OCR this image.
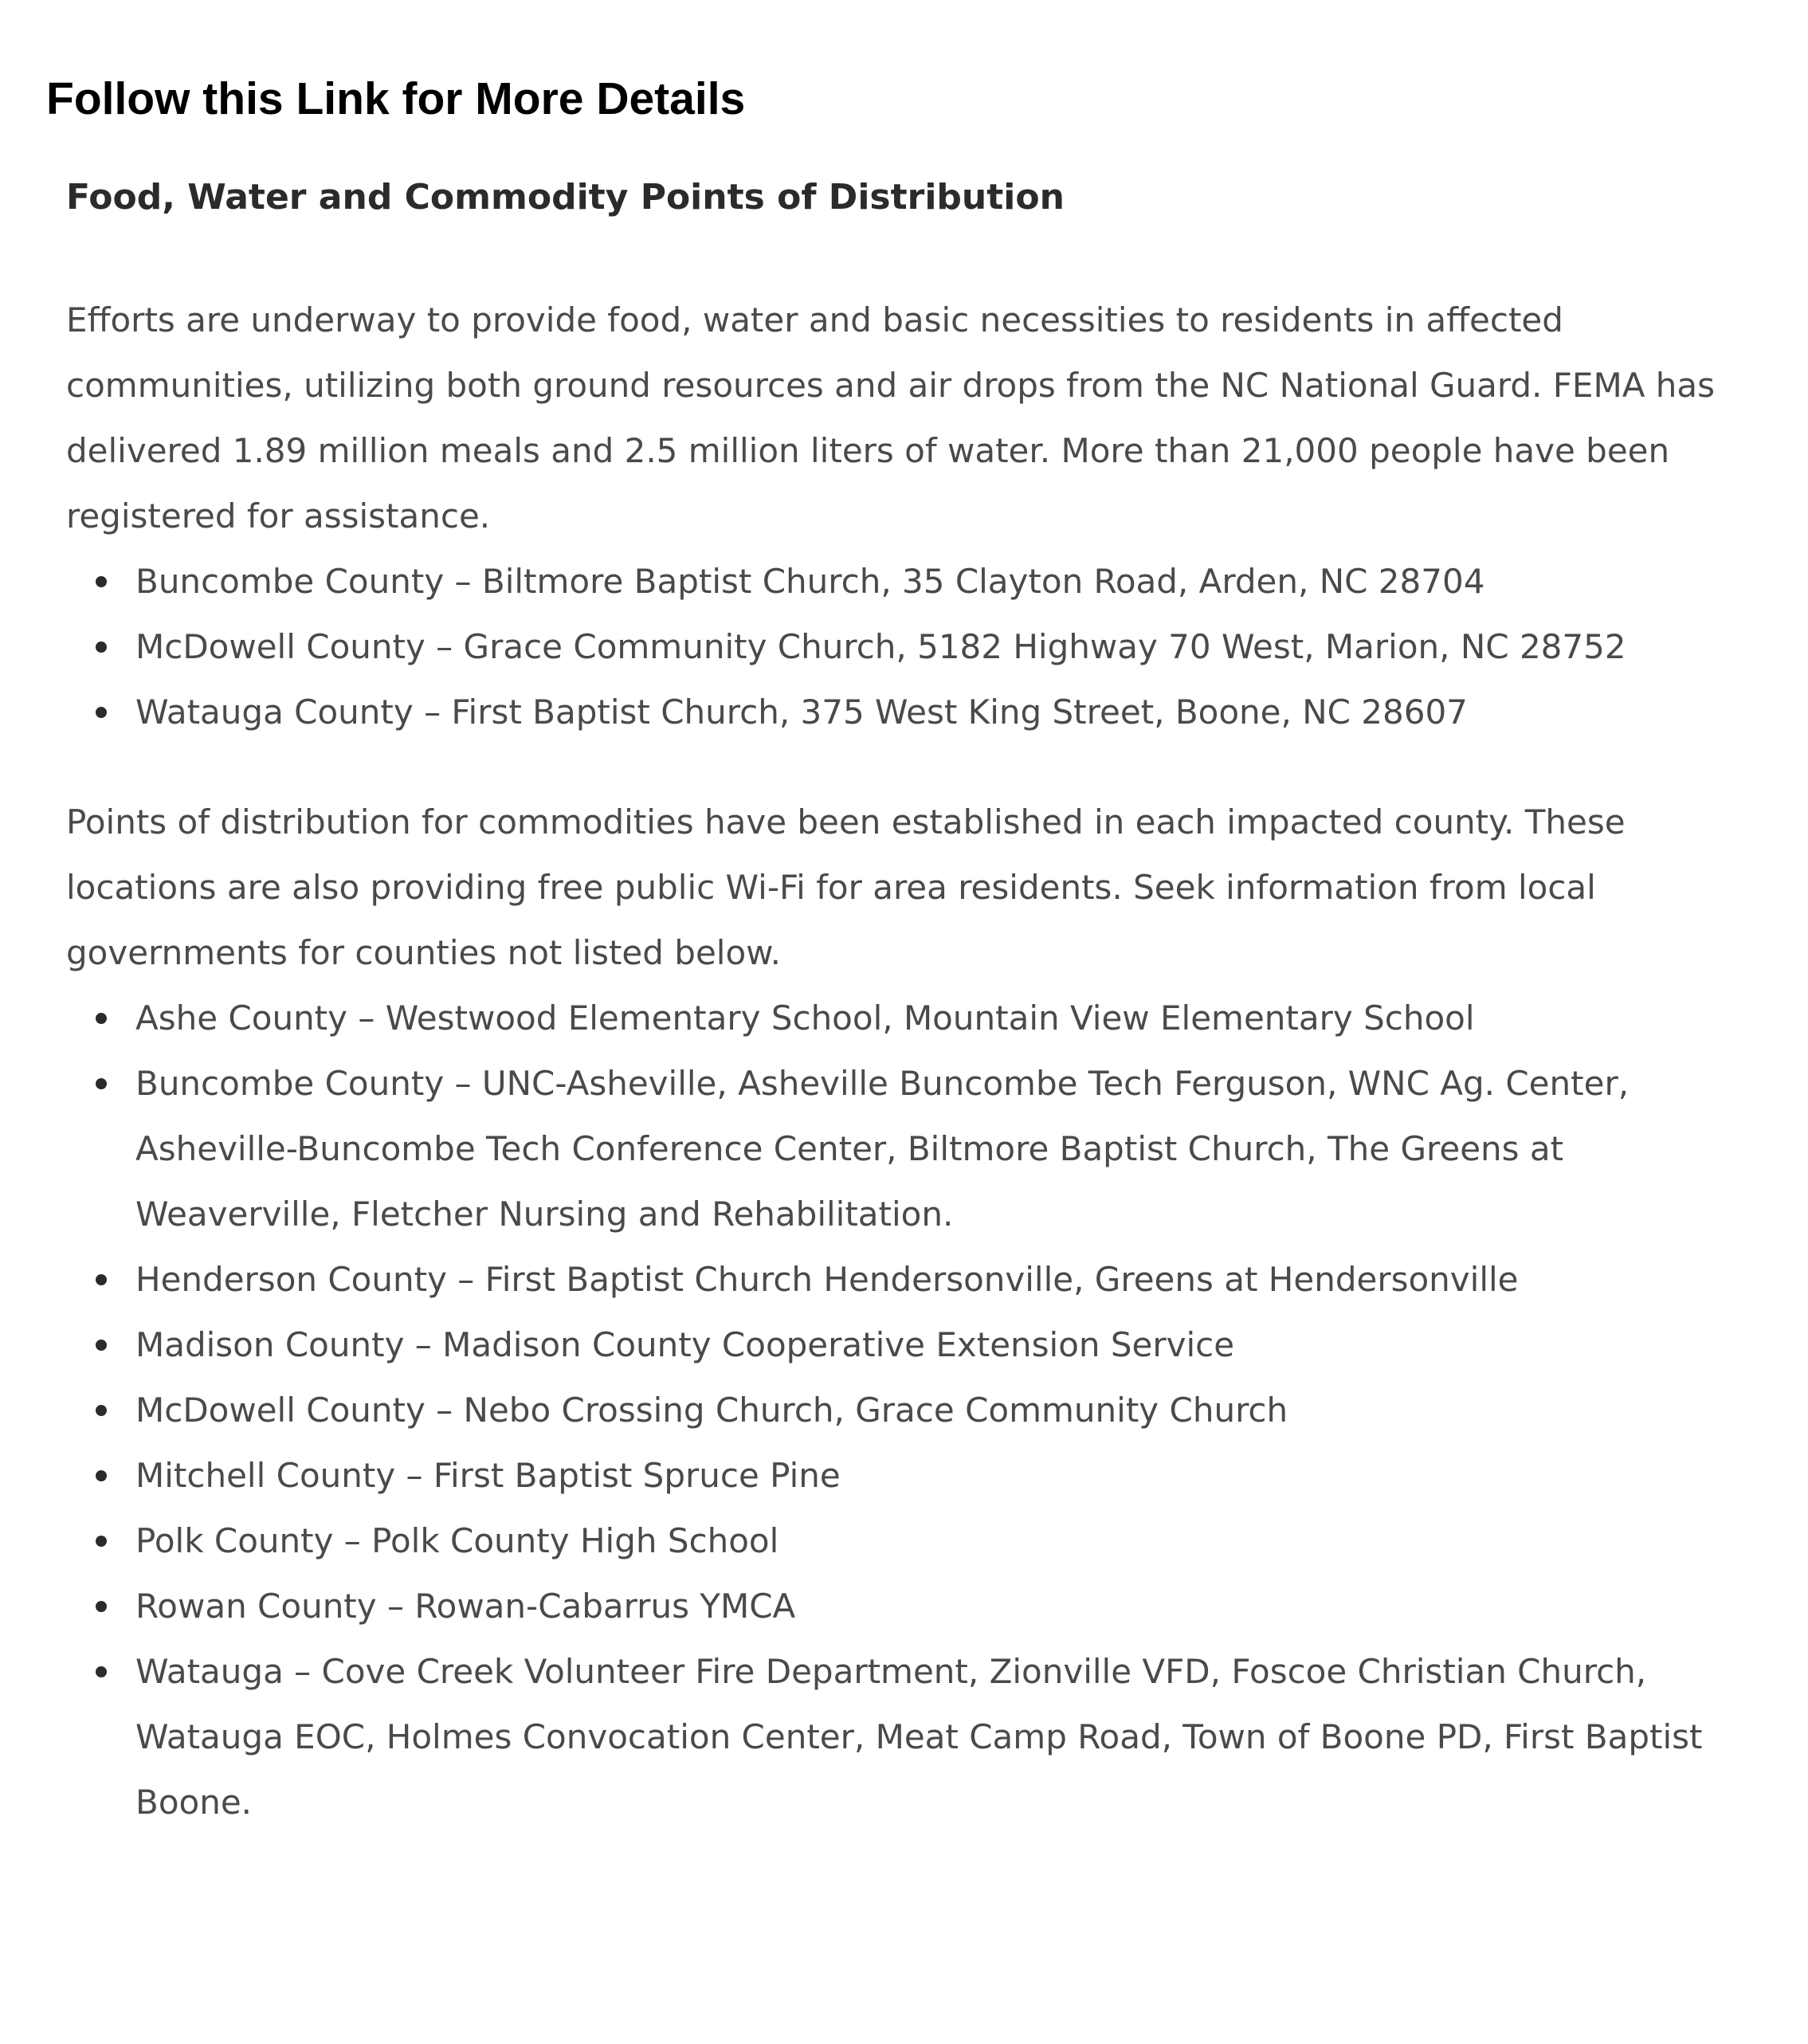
Follow this Link for More Details
Food, Water and Commodity Points of Distribution

Efforts are underway to provide food, water and basic necessities to residents in affected communities, utilizing both ground resources and air drops from the NC National Guard. FEMA has delivered 1.89 million meals and 2.5 million liters of water. More than 21,000 people have been registered for assistance.

Buncombe County – Biltmore Baptist Church, 35 Clayton Road, Arden, NC 28704
McDowell County – Grace Community Church, 5182 Highway 70 West, Marion, NC 28752
Watauga County – First Baptist Church, 375 West King Street, Boone, NC 28607

Points of distribution for commodities have been established in each impacted county. These locations are also providing free public Wi-Fi for area residents. Seek information from local governments for counties not listed below.

Ashe County – Westwood Elementary School, Mountain View Elementary School
Buncombe County – UNC-Asheville, Asheville Buncombe Tech Ferguson, WNC Ag. Center, Asheville-Buncombe Tech Conference Center, Biltmore Baptist Church, The Greens at Weaverville, Fletcher Nursing and Rehabilitation.
Henderson County – First Baptist Church Hendersonville, Greens at Hendersonville
Madison County – Madison County Cooperative Extension Service
McDowell County – Nebo Crossing Church, Grace Community Church
Mitchell County – First Baptist Spruce Pine
Polk County – Polk County High School
Rowan County – Rowan-Cabarrus YMCA
Watauga – Cove Creek Volunteer Fire Department, Zionville VFD, Foscoe Christian Church, Watauga EOC, Holmes Convocation Center, Meat Camp Road, Town of Boone PD, First Baptist Boone.
